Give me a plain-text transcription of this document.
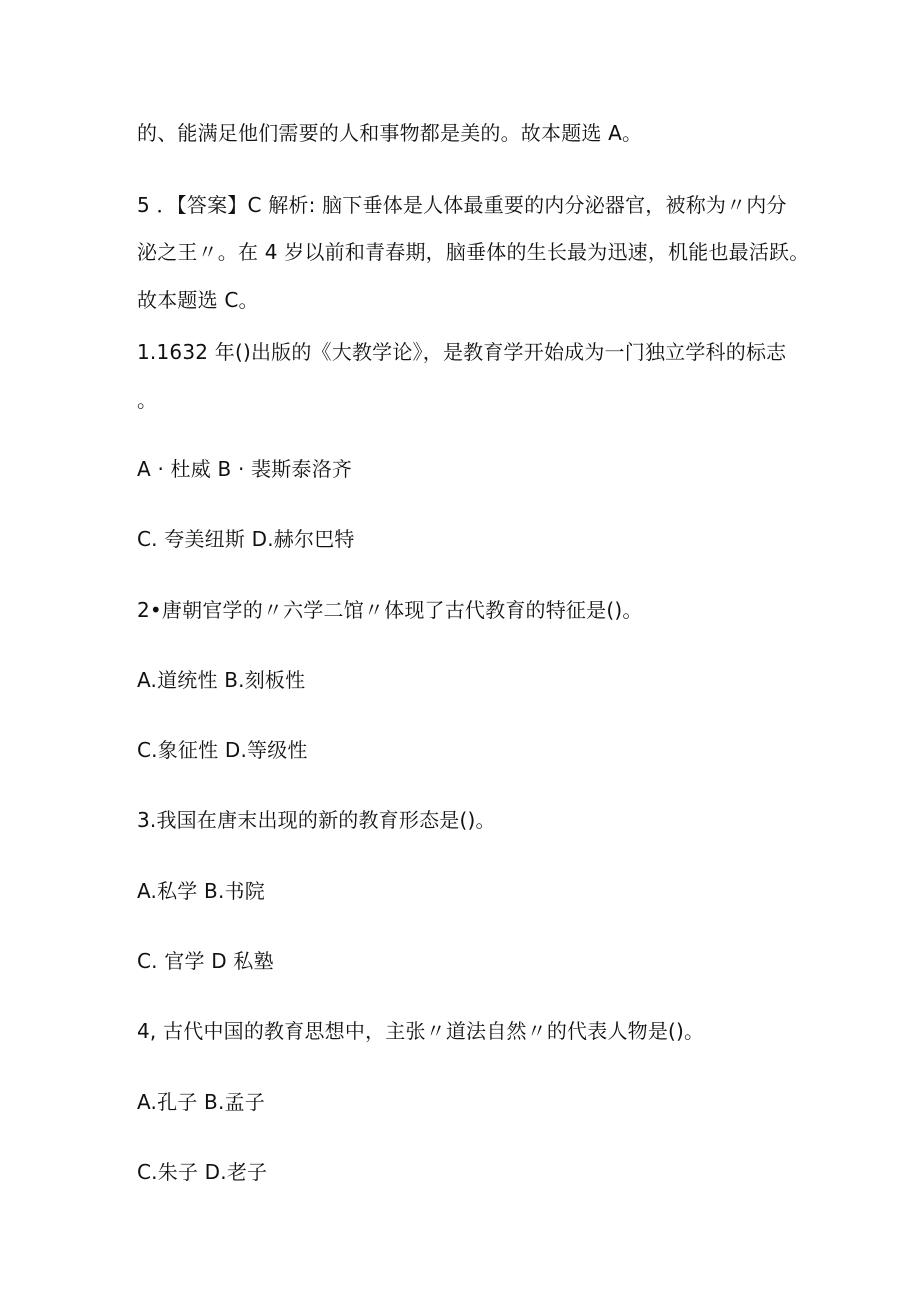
的、能满足他们需要的人和事物都是美的。故本题选 A。
5 ．【答案】C 解析: 脑下垂体是人体最重要的内分泌器官，被称为〃内分
泌之王〃。在 4 岁以前和青春期，脑垂体的生长最为迅速，机能也最活跃。
故本题选 C。
1.1632 年()出版的《大教学论》，是教育学开始成为一门独立学科的标志
。
A · 杜威 B · 裴斯泰洛齐
C. 夸美纽斯 D.赫尔巴特
2•唐朝官学的〃六学二馆〃体现了古代教育的特征是()。
A.道统性 B.刻板性
C.象征性 D.等级性
3.我国在唐末出现的新的教育形态是()。
A.私学 B.书院
C. 官学 D 私塾
4, 古代中国的教育思想中，主张〃道法自然〃的代表人物是()。
A.孔子 B.孟子
C.朱子 D.老子
